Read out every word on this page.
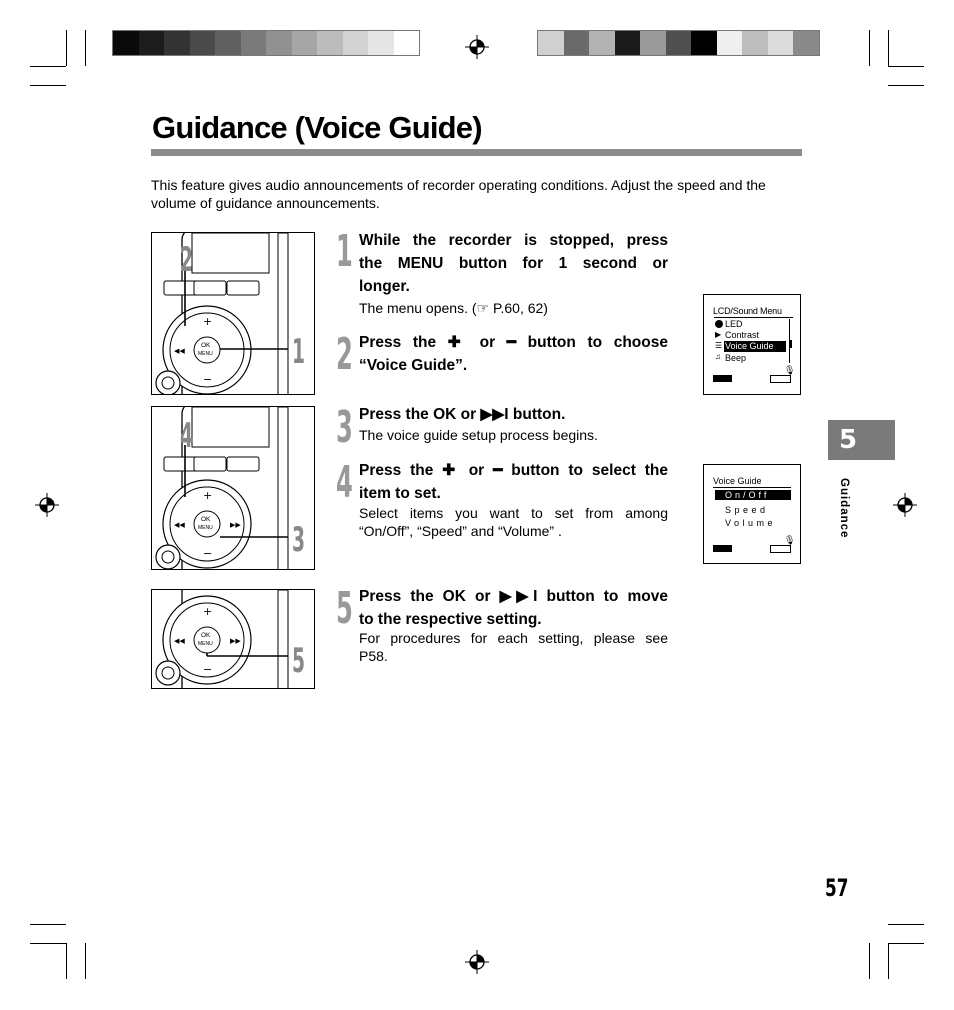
Guidance (Voice Guide)
This feature gives audio announcements of recorder operating conditions. Adjust the speed and the volume of guidance announcements.
OK
MENU
+
−
◀◀
2
1
OK
MENU
+
−
◀◀	▶▶
4
3
OK
MENU
+
−
◀◀	▶▶
5
1
2
3
4
5
While the recorder is stopped, press
the MENU button for 1 second or
longer.
The menu opens. (☞ P.60, 62)
Press the ✚ or ━ button to choose
“Voice Guide”.
Press the OK or ▶▶I button.
The voice guide setup process begins.
Press the ✚ or ━ button to select the
item to set.
Select items you want to set from among
“On/Off”, “Speed” and “Volume” .
Press the OK or ▶▶I button to move
to the respective setting.
For procedures for each setting, please see
P58.
LCD/Sound Menu
LED
▶ Contrast
☰ Voice Guide
♫ Beep
🎙
Voice Guide
On/Off
Speed
Volume
🎙
5
Guidance
57
